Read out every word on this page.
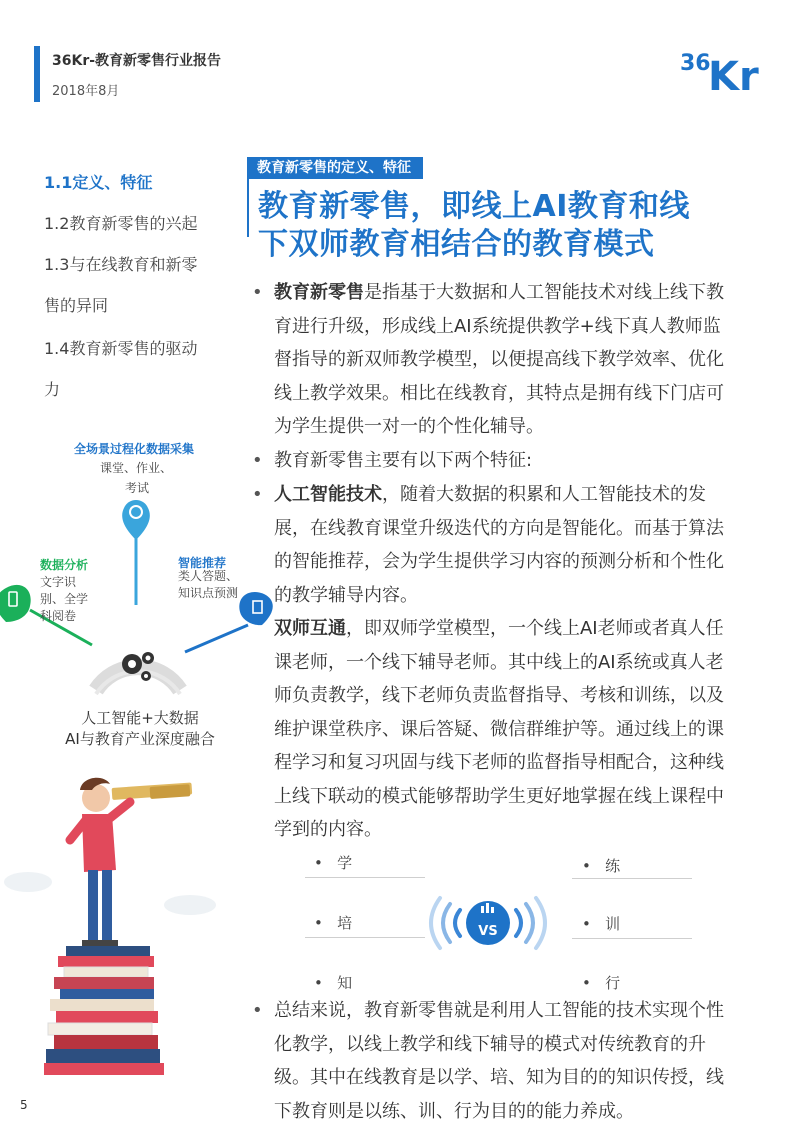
36Kr-教育新零售行业报告
2018年8月
36
Kr
1.1定义、特征
1.2教育新零售的兴起
1.3与在线教育和新零
售的异同
1.4教育新零售的驱动
力
教育新零售的定义、特征
教育新零售，即线上AI教育和线
下双师教育相结合的教育模式
• 教育新零售是指基于大数据和人工智能技术对线上线下教育进行升级，形成线上AI系统提供教学+线下真人教师监督指导的新双师教学模型，以便提高线下教学效率、优化线上教学效果。相比在线教育，其特点是拥有线下门店可为学生提供一对一的个性化辅导。
• 教育新零售主要有以下两个特征:
• 人工智能技术，随着大数据的积累和人工智能技术的发展，在线教育课堂升级迭代的方向是智能化。而基于算法的智能推荐，会为学生提供学习内容的预测分析和个性化的教学辅导内容。
双师互通，即双师学堂模型，一个线上AI老师或者真人任课老师，一个线下辅导老师。其中线上的AI系统或真人老师负责教学，线下老师负责监督指导、考核和训练，以及维护课堂秩序、课后答疑、微信群维护等。通过线上的课程学习和复习巩固与线下老师的监督指导相配合，这种线上线下联动的模式能够帮助学生更好地掌握在线上课程中学到的内容。
• 学
• 培
• 知
• 练
• 训
• 行
VS
• 总结来说，教育新零售就是利用人工智能的技术实现个性化教学，以线上教学和线下辅导的模式对传统教育的升级。其中在线教育是以学、培、知为目的的知识传授，线下教育则是以练、训、行为目的的能力养成。
全场景过程化数据采集
课堂、作业、
考试
数据分析
文字识别、全学科阅卷
智能推荐
类人答题、知识点预测
人工智能+大数据
AI与教育产业深度融合
5
